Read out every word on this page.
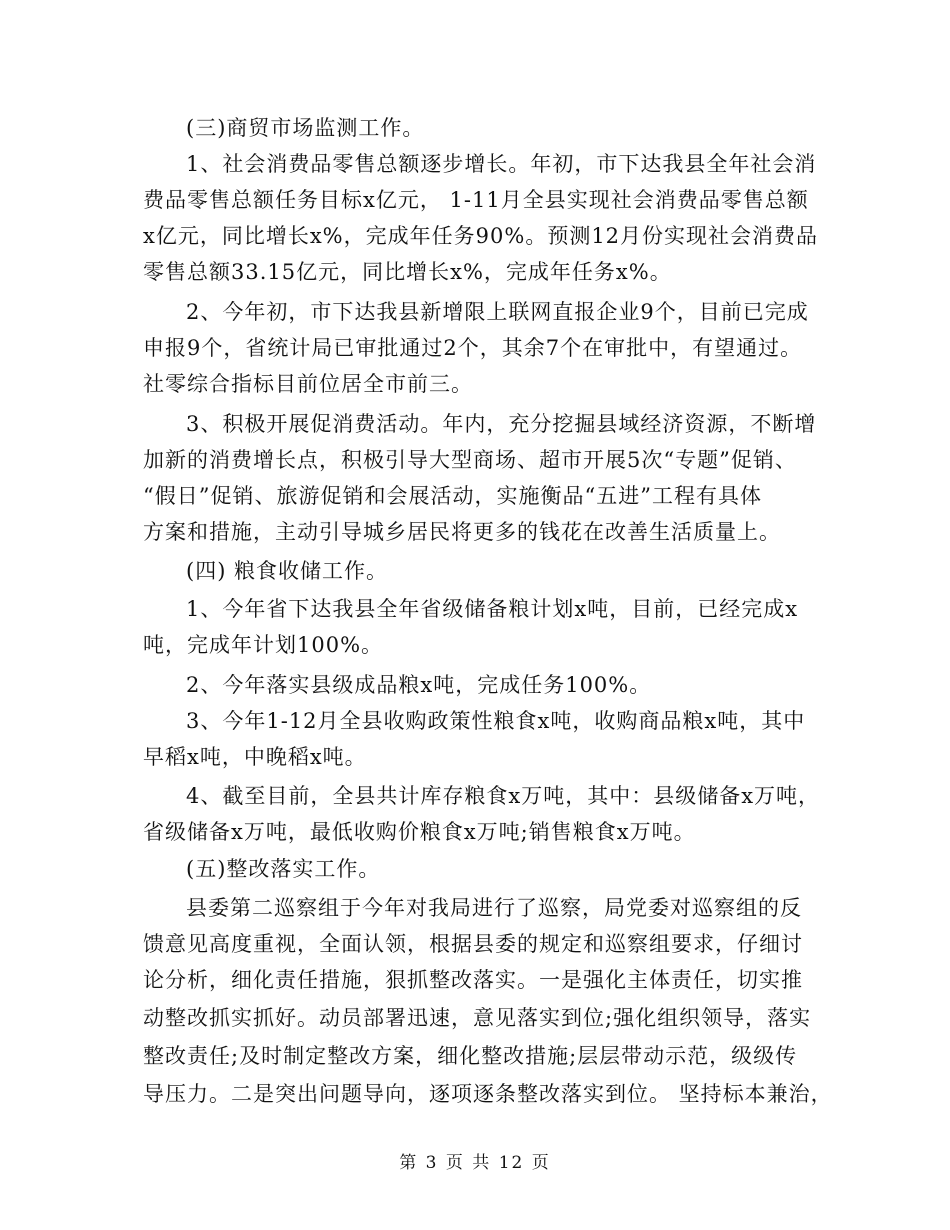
(三)商贸市场监测工作。
1、社会消费品零售总额逐步增长。年初，市下达我县全年社会消
费品零售总额任务目标x亿元， 1-11月全县实现社会消费品零售总额
x亿元，同比增长x%，完成年任务90%。预测12月份实现社会消费品
零售总额33.15亿元，同比增长x%，完成年任务x%。
2、今年初，市下达我县新增限上联网直报企业9个，目前已完成
申报9个，省统计局已审批通过2个，其余7个在审批中，有望通过。
社零综合指标目前位居全市前三。
3、积极开展促消费活动。年内，充分挖掘县域经济资源，不断增
加新的消费增长点，积极引导大型商场、超市开展5次“专题”促销、
“假日”促销、旅游促销和会展活动，实施衡品“五进”工程有具体
方案和措施，主动引导城乡居民将更多的钱花在改善生活质量上。
(四) 粮食收储工作。
1、今年省下达我县全年省级储备粮计划x吨，目前，已经完成x
吨，完成年计划100%。
2、今年落实县级成品粮x吨，完成任务100%。
3、今年1-12月全县收购政策性粮食x吨，收购商品粮x吨，其中
早稻x吨，中晚稻x吨。
4、截至目前，全县共计库存粮食x万吨，其中：县级储备x万吨，
省级储备x万吨，最低收购价粮食x万吨;销售粮食x万吨。
(五)整改落实工作。
县委第二巡察组于今年对我局进行了巡察，局党委对巡察组的反
馈意见高度重视，全面认领，根据县委的规定和巡察组要求，仔细讨
论分析，细化责任措施，狠抓整改落实。一是强化主体责任，切实推
动整改抓实抓好。动员部署迅速，意见落实到位;强化组织领导，落实
整改责任;及时制定整改方案，细化整改措施;层层带动示范，级级传
导压力。二是突出问题导向，逐项逐条整改落实到位。 坚持标本兼治，
第 3 页 共 12 页
